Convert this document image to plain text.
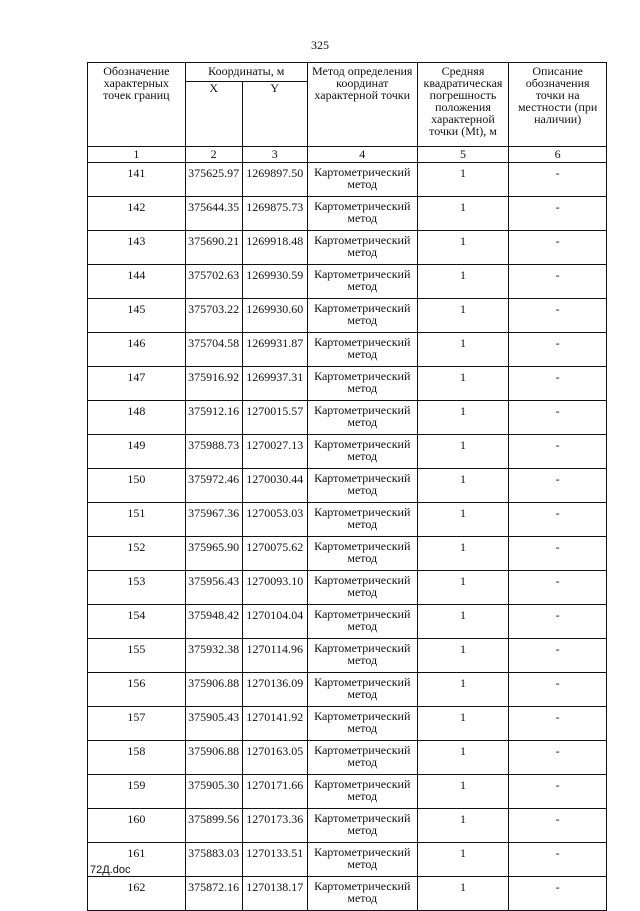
325
Обозначение характерных точек границ	Координаты, м		Метод определения координат характерной точки	Средняя квадратическая погрешность положения характерной точки (Mt), м	Описание обозначения точки на местности (при наличии)
	X	Y			
1	2	3	4	5	6
141	375625.97	1269897.50	Картометрический метод	1	-
142	375644.35	1269875.73	Картометрический метод	1	-
143	375690.21	1269918.48	Картометрический метод	1	-
144	375702.63	1269930.59	Картометрический метод	1	-
145	375703.22	1269930.60	Картометрический метод	1	-
146	375704.58	1269931.87	Картометрический метод	1	-
147	375916.92	1269937.31	Картометрический метод	1	-
148	375912.16	1270015.57	Картометрический метод	1	-
149	375988.73	1270027.13	Картометрический метод	1	-
150	375972.46	1270030.44	Картометрический метод	1	-
151	375967.36	1270053.03	Картометрический метод	1	-
152	375965.90	1270075.62	Картометрический метод	1	-
153	375956.43	1270093.10	Картометрический метод	1	-
154	375948.42	1270104.04	Картометрический метод	1	-
155	375932.38	1270114.96	Картометрический метод	1	-
156	375906.88	1270136.09	Картометрический метод	1	-
157	375905.43	1270141.92	Картометрический метод	1	-
158	375906.88	1270163.05	Картометрический метод	1	-
159	375905.30	1270171.66	Картометрический метод	1	-
160	375899.56	1270173.36	Картометрический метод	1	-
161	375883.03	1270133.51	Картометрический метод	1	-
162	375872.16	1270138.17	Картометрический метод	1	-
72Д.doc
